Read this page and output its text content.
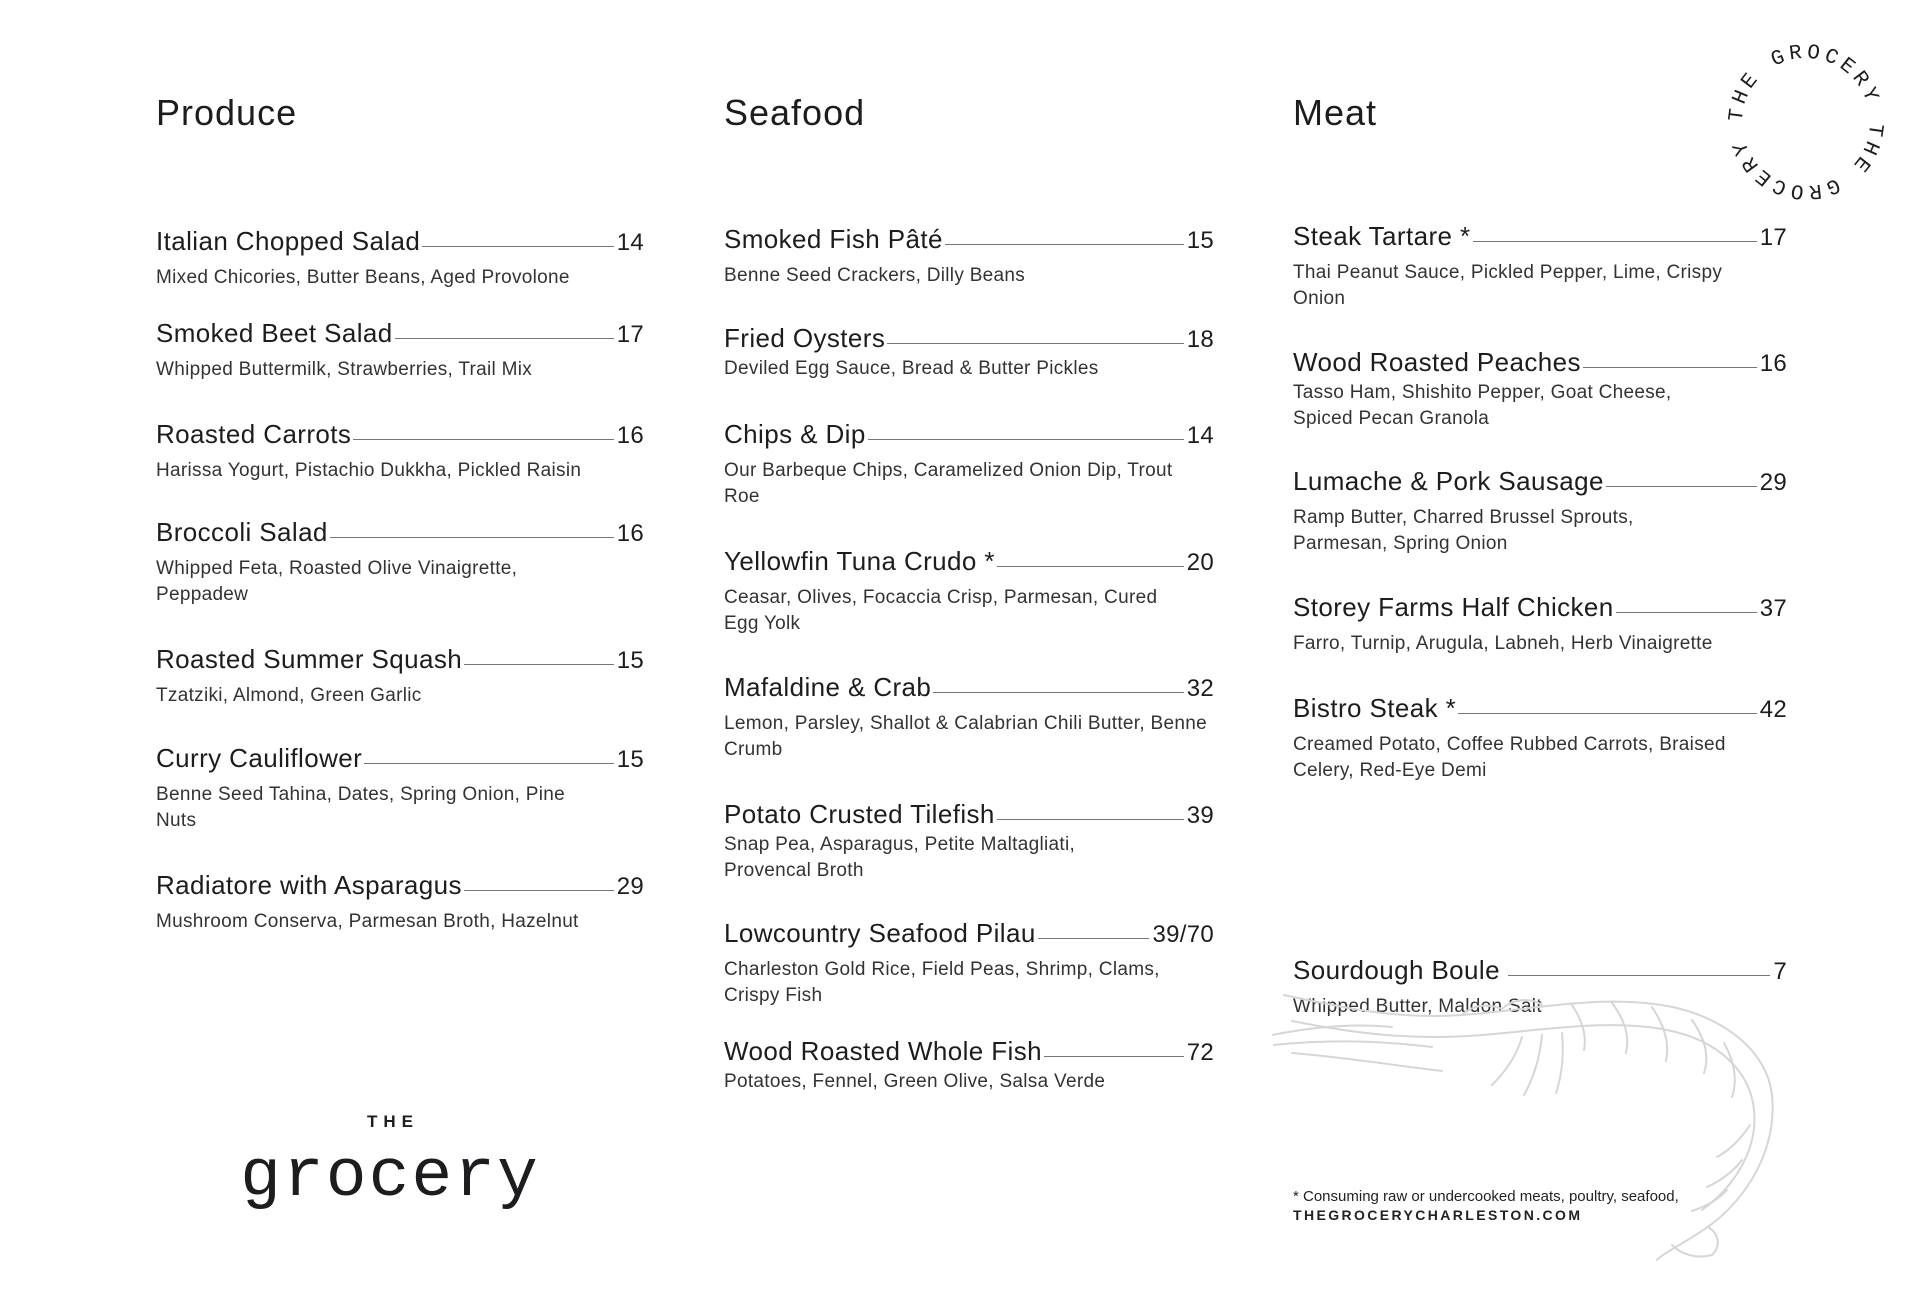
Produce
Italian Chopped Salad	14
Mixed Chicories, Butter Beans, Aged Provolone
Smoked Beet Salad	17
Whipped Buttermilk, Strawberries, Trail Mix
Roasted Carrots	16
Harissa Yogurt, Pistachio Dukkha, Pickled Raisin
Broccoli Salad	16
Whipped Feta, Roasted Olive Vinaigrette, Peppadew
Roasted Summer Squash	15
Tzatziki, Almond, Green Garlic
Curry Cauliflower	15
Benne Seed Tahina, Dates, Spring Onion, Pine Nuts
Radiatore with Asparagus	29
Mushroom Conserva, Parmesan Broth, Hazelnut
Seafood
Smoked Fish Pâté	15
Benne Seed Crackers, Dilly Beans
Fried Oysters	18
Deviled Egg Sauce, Bread & Butter Pickles
Chips & Dip	14
Our Barbeque Chips, Caramelized Onion Dip, Trout Roe
Yellowfin Tuna Crudo *	20
Ceasar, Olives, Focaccia Crisp, Parmesan, Cured Egg Yolk
Mafaldine & Crab	32
Lemon, Parsley, Shallot & Calabrian Chili Butter, Benne Crumb
Potato Crusted Tilefish	39
Snap Pea, Asparagus, Petite Maltagliati, Provencal Broth
Lowcountry Seafood Pilau	39/70
Charleston Gold Rice, Field Peas, Shrimp, Clams, Crispy Fish
Wood Roasted Whole Fish	72
Potatoes, Fennel, Green Olive, Salsa Verde
Meat
Steak Tartare *	17
Thai Peanut Sauce, Pickled Pepper, Lime, Crispy Onion
Wood Roasted Peaches	16
Tasso Ham, Shishito Pepper, Goat Cheese, Spiced Pecan Granola
Lumache & Pork Sausage	29
Ramp Butter, Charred Brussel Sprouts, Parmesan, Spring Onion
Storey Farms Half Chicken	37
Farro, Turnip, Arugula, Labneh, Herb Vinaigrette
Bistro Steak *	42
Creamed Potato, Coffee Rubbed Carrots, Braised Celery, Red-Eye Demi
Sourdough Boule	7
Whipped Butter, Maldon Salt
THE GROCERY THE GROCERY
THE
grocery	* Consuming raw or undercooked meats, poultry, seafood,
THEGROCERYCHARLESTON.COM
